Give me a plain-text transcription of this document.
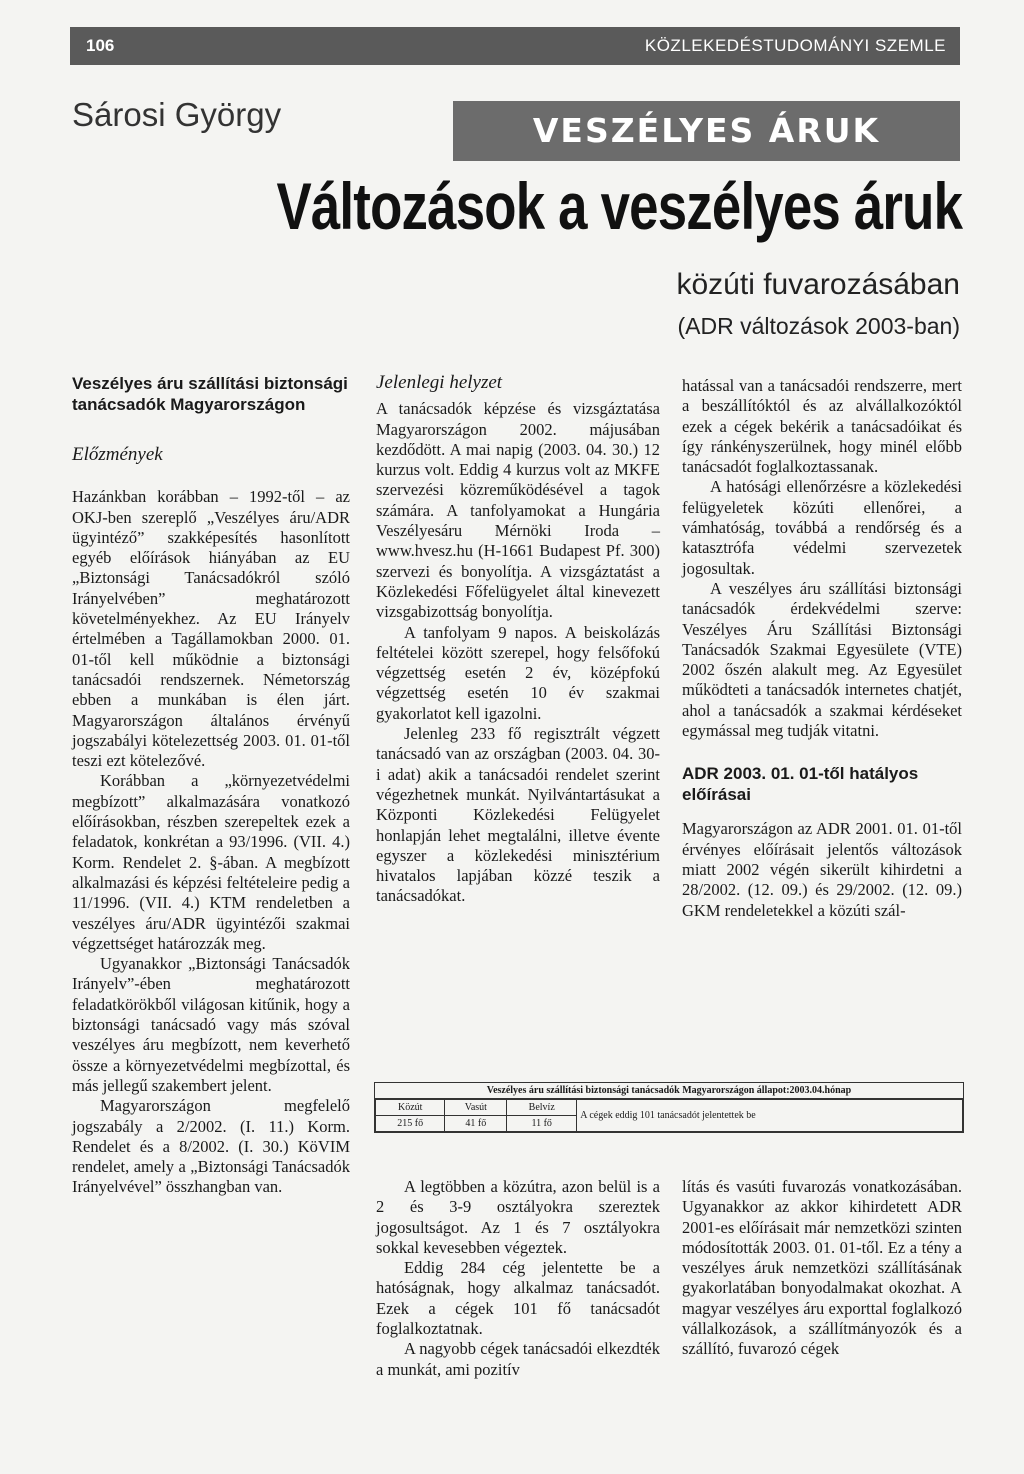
106	KÖZLEKEDÉSTUDOMÁNYI SZEMLE
Sárosi György	VESZÉLYES ÁRUK
Változások a veszélyes áruk
közúti fuvarozásában
(ADR változások 2003-ban)

Veszélyes áru szállítási biztonsági tanácsadók Magyarországon

Előzmények

Hazánkban korábban – 1992-től – az OKJ-ben szereplő „Veszélyes áru/ADR ügyintéző” szakképesítés hasonlított egyéb előírások hiányában az EU „Biztonsági Tanácsadókról szóló Irányelvében” meghatározott követelményekhez. Az EU Irányelv értelmében a Tagállamokban 2000. 01. 01-től kell működnie a biztonsági tanácsadói rendszernek. Németország ebben a munkában is élen járt. Magyarországon általános érvényű jogszabályi kötelezettség 2003. 01. 01-től teszi ezt kötelezővé.

Korábban a „környezetvédelmi megbízott” alkalmazására vonatkozó előírásokban, részben szerepeltek ezek a feladatok, konkrétan a 93/1996. (VII. 4.) Korm. Rendelet 2. §-ában. A megbízott alkalmazási és képzési feltételeire pedig a 11/1996. (VII. 4.) KTM rendeletben a veszélyes áru/ADR ügyintézői szakmai végzettséget határozzák meg.

Ugyanakkor „Biztonsági Tanácsadók Irányelv”-ében meghatározott feladatkörökből világosan kitűnik, hogy a biztonsági tanácsadó vagy más szóval veszélyes áru megbízott, nem keverhető össze a környezetvédelmi megbízottal, és más jellegű szakembert jelent.

Magyarországon megfelelő jogszabály a 2/2002. (I. 11.) Korm. Rendelet és a 8/2002. (I. 30.) KöVIM rendelet, amely a „Biztonsági Tanácsadók Irányelvével” összhangban van.

Jelenlegi helyzet

A tanácsadók képzése és vizsgáztatása Magyarországon 2002. májusában kezdődött. A mai napig (2003. 04. 30.) 12 kurzus volt. Eddig 4 kurzus volt az MKFE szervezési közreműködésével a tagok számára. A tanfolyamokat a Hungária Veszélyesáru Mérnöki Iroda – www.hvesz.hu (H-1661 Budapest Pf. 300) szervezi és bonyolítja. A vizsgáztatást a Közlekedési Főfelügyelet által kinevezett vizsgabizottság bonyolítja.

A tanfolyam 9 napos. A beiskolázás feltételei között szerepel, hogy felsőfokú végzettség esetén 2 év, középfokú végzettség esetén 10 év szakmai gyakorlatot kell igazolni.

Jelenleg 233 fő regisztrált végzett tanácsadó van az országban (2003. 04. 30-i adat) akik a tanácsadói rendelet szerint végezhetnek munkát. Nyilvántartásukat a Központi Közlekedési Felügyelet honlapján lehet megtalálni, illetve évente egyszer a közlekedési minisztérium hivatalos lapjában közzé teszik a tanácsadókat.

hatással van a tanácsadói rendszerre, mert a beszállítóktól és az alvállalkozóktól ezek a cégek bekérik a tanácsadóikat és így ránkényszerülnek, hogy minél előbb tanácsadót foglalkoztassanak.

A hatósági ellenőrzésre a közlekedési felügyeletek közúti ellenőrei, a vámhatóság, továbbá a rendőrség és a katasztrófa védelmi szervezetek jogosultak.

A veszélyes áru szállítási biztonsági tanácsadók érdekvédelmi szerve: Veszélyes Áru Szállítási Biztonsági Tanácsadók Szakmai Egyesülete (VTE) 2002 őszén alakult meg. Az Egyesület működteti a tanácsadók internetes chatjét, ahol a tanácsadók a szakmai kérdéseket egymással meg tudják vitatni.

ADR 2003. 01. 01-től hatályos előírásai

Magyarországon az ADR 2001. 01. 01-től érvényes előírásait jelentős változások miatt 2002 végén sikerült kihirdetni a 28/2002. (12. 09.) és 29/2002. (12. 09.) GKM rendeletekkel a közúti szál-

Veszélyes áru szállítási biztonsági tanácsadók Magyarországon állapot:2003.04.hónap
Közút	Vasút	Belvíz	A cégek eddig 101 tanácsadót jelentettek be
215 fő	41 fő	11 fő	

A legtöbben a közútra, azon belül is a 2 és 3-9 osztályokra szereztek jogosultságot. Az 1 és 7 osztályokra sokkal kevesebben végeztek.

Eddig 284 cég jelentette be a hatóságnak, hogy alkalmaz tanácsadót. Ezek a cégek 101 fő tanácsadót foglalkoztatnak.

A nagyobb cégek tanácsadói elkezdték a munkát, ami pozitív

lítás és vasúti fuvarozás vonatkozásában. Ugyanakkor az akkor kihirdetett ADR 2001-es előírásait már nemzetközi szinten módosították 2003. 01. 01-től. Ez a tény a veszélyes áruk nemzetközi szállításának gyakorlatában bonyodalmakat okozhat. A magyar veszélyes áru exporttal foglalkozó vállalkozások, a szállítmányozók és a szállító, fuvarozó cégek
